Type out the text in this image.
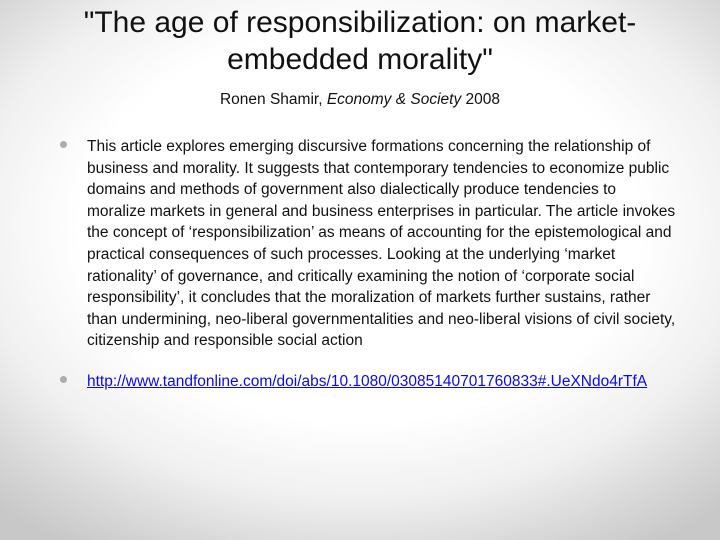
"The age of responsibilization: on market-embedded morality"
Ronen Shamir, Economy & Society 2008
This article explores emerging discursive formations concerning the relationship of business and morality. It suggests that contemporary tendencies to economize public domains and methods of government also dialectically produce tendencies to moralize markets in general and business enterprises in particular. The article invokes the concept of ‘responsibilization’ as means of accounting for the epistemological and practical consequences of such processes. Looking at the underlying ‘market rationality’ of governance, and critically examining the notion of ‘corporate social responsibility’, it concludes that the moralization of markets further sustains, rather than undermining, neo-liberal governmentalities and neo-liberal visions of civil society, citizenship and responsible social action
http://www.tandfonline.com/doi/abs/10.1080/03085140701760833#.UeXNdo4rTfA
